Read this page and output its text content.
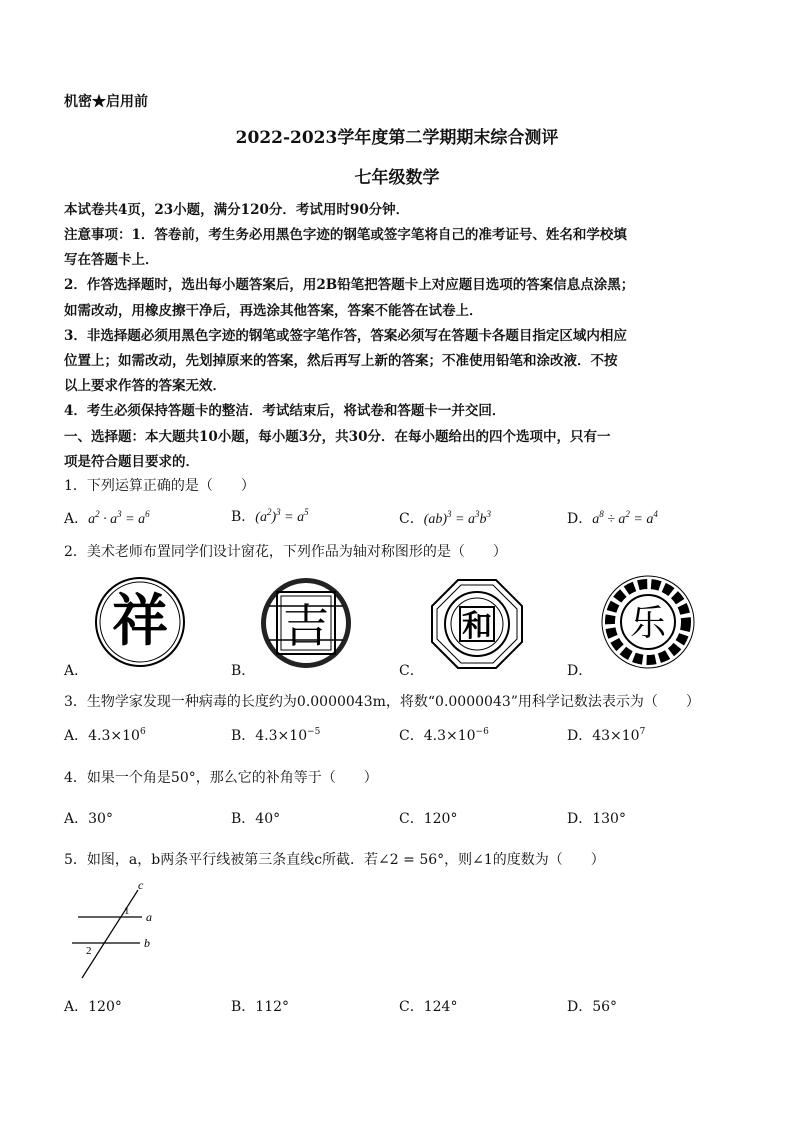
机密★启用前
2022-2023学年度第二学期期末综合测评
七年级数学
本试卷共4页，23小题，满分120分．考试用时90分钟．
注意事项：1．答卷前，考生务必用黑色字迹的钢笔或签字笔将自己的准考证号、姓名和学校填
写在答题卡上．
2．作答选择题时，选出每小题答案后，用2B铅笔把答题卡上对应题目选项的答案信息点涂黑；
如需改动，用橡皮擦干净后，再选涂其他答案，答案不能答在试卷上．
3．非选择题必须用黑色字迹的钢笔或签字笔作答，答案必须写在答题卡各题目指定区域内相应
位置上；如需改动，先划掉原来的答案，然后再写上新的答案；不准使用铅笔和涂改液．不按
以上要求作答的答案无效．
4．考生必须保持答题卡的整洁．考试结束后，将试卷和答题卡一并交回．
一、选择题：本大题共10小题，每小题3分，共30分．在每小题给出的四个选项中，只有一
项是符合题目要求的．
1．下列运算正确的是（　　）
A．$a^2 \cdot a^3 = a^6$	B．$(a^2)^3 = a^5$	C．$(ab)^3 = a^3b^3$	D．$a^8 \div a^2 = a^4$
2．美术老师布置同学们设计窗花，下列作品为轴对称图形的是（　　）
祥	吉	和	乐
A．	B．	C．	D．
3．生物学家发现一种病毒的长度约为0.0000043m，将数“0.0000043”用科学记数法表示为（　　）
A．$4.3\times 10^6$	B．$4.3\times 10^{-5}$	C．$4.3\times 10^{-6}$	D．$43\times 10^7$
4．如果一个角是50°，那么它的补角等于（　　）
A．30°	B．40°	C．120°	D．130°
5．如图，a，b两条平行线被第三条直线c所截．若∠2 = 56°，则∠1的度数为（　　）
c
a
b
1
2
A．120°	B．112°	C．124°	D．56°
